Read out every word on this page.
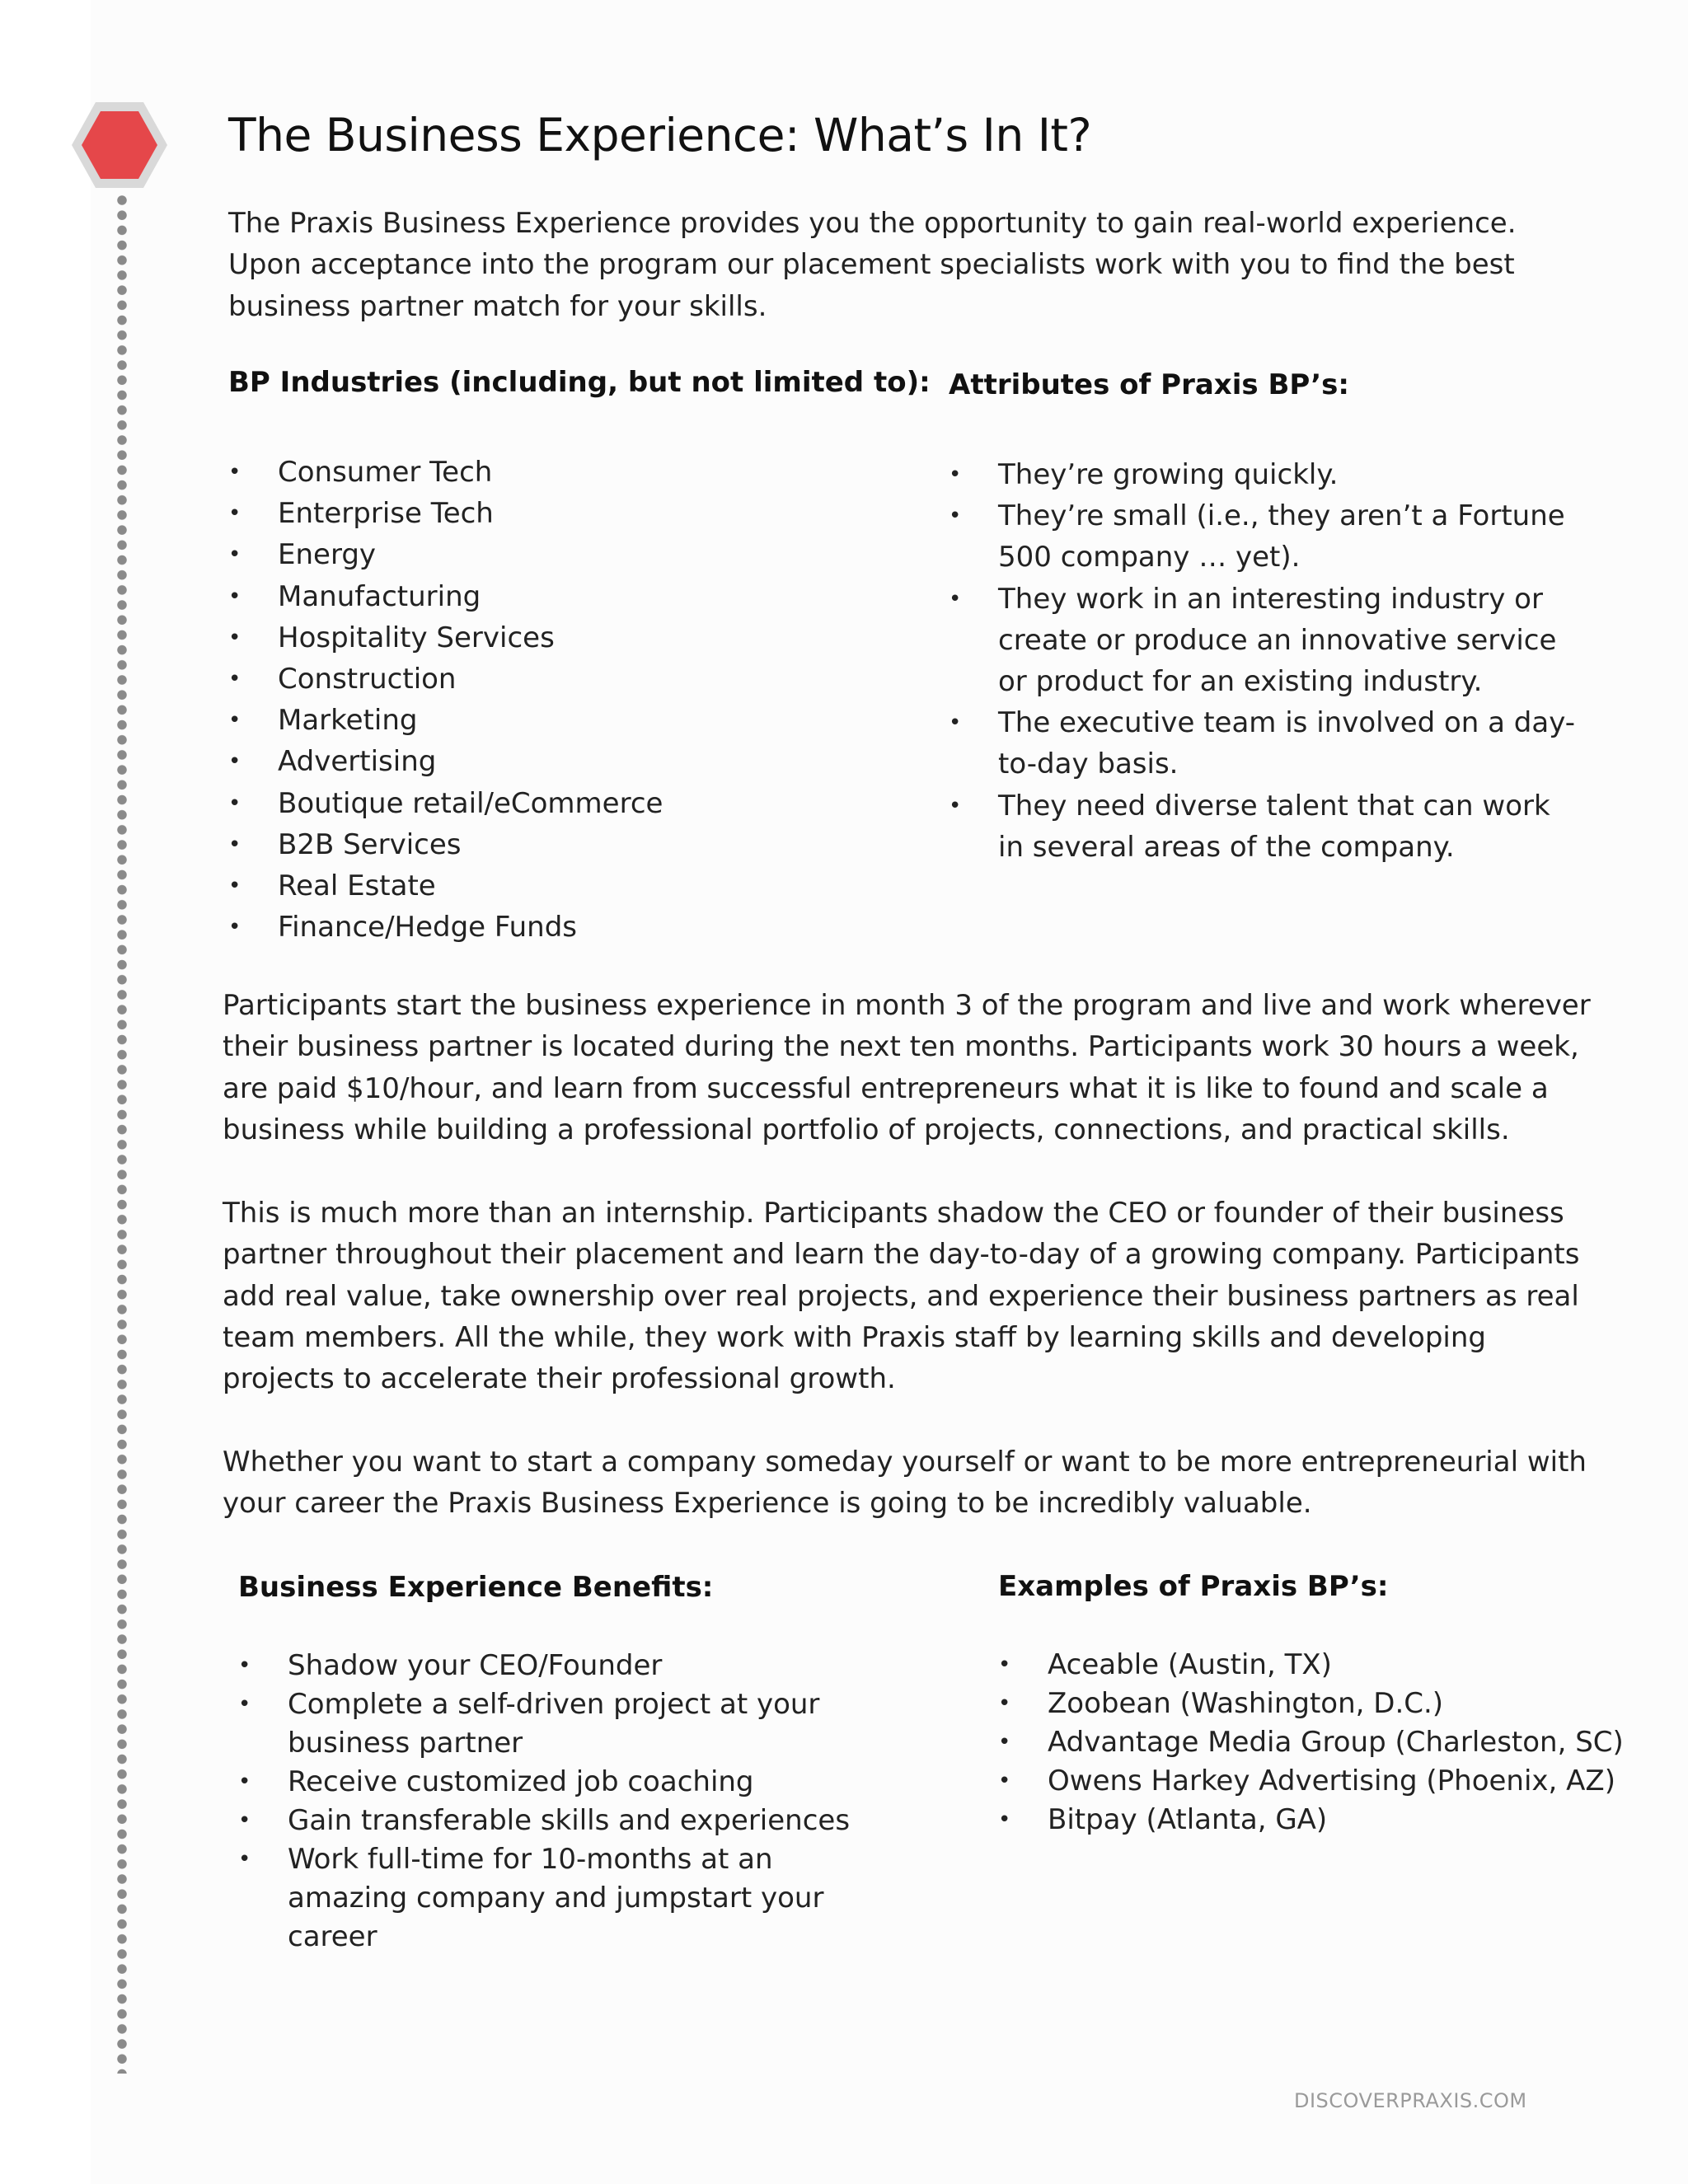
The Business Experience: What’s In It?

The Praxis Business Experience provides you the opportunity to gain real-world experience. Upon acceptance into the program our placement specialists work with you to find the best business partner match for your skills.

BP Industries (including, but not limited to):
• Consumer Tech
• Enterprise Tech
• Energy
• Manufacturing
• Hospitality Services
• Construction
• Marketing
• Advertising
• Boutique retail/eCommerce
• B2B Services
• Real Estate
• Finance/Hedge Funds
Attributes of Praxis BP’s:
• They’re growing quickly.
• They’re small (i.e., they aren’t a Fortune 500 company … yet).
• They work in an interesting industry or create or produce an innovative service or product for an existing industry.
• The executive team is involved on a day-to-day basis.
• They need diverse talent that can work in several areas of the company.

Participants start the business experience in month 3 of the program and live and work wherever their business partner is located during the next ten months. Participants work 30 hours a week, are paid $10/hour, and learn from successful entrepreneurs what it is like to found and scale a business while building a professional portfolio of projects, connections, and practical skills.

This is much more than an internship. Participants shadow the CEO or founder of their business partner throughout their placement and learn the day-to-day of a growing company. Participants add real value, take ownership over real projects, and experience their business partners as real team members. All the while, they work with Praxis staff by learning skills and developing projects to accelerate their professional growth.

Whether you want to start a company someday yourself or want to be more entrepreneurial with your career the Praxis Business Experience is going to be incredibly valuable.

Business Experience Benefits:
• Shadow your CEO/Founder
• Complete a self-driven project at your business partner
• Receive customized job coaching
• Gain transferable skills and experiences
• Work full-time for 10-months at an amazing company and jumpstart your career
Examples of Praxis BP’s:
• Aceable (Austin, TX)
• Zoobean (Washington, D.C.)
• Advantage Media Group (Charleston, SC)
• Owens Harkey Advertising (Phoenix, AZ)
• Bitpay (Atlanta, GA)
DISCOVERPRAXIS.COM
